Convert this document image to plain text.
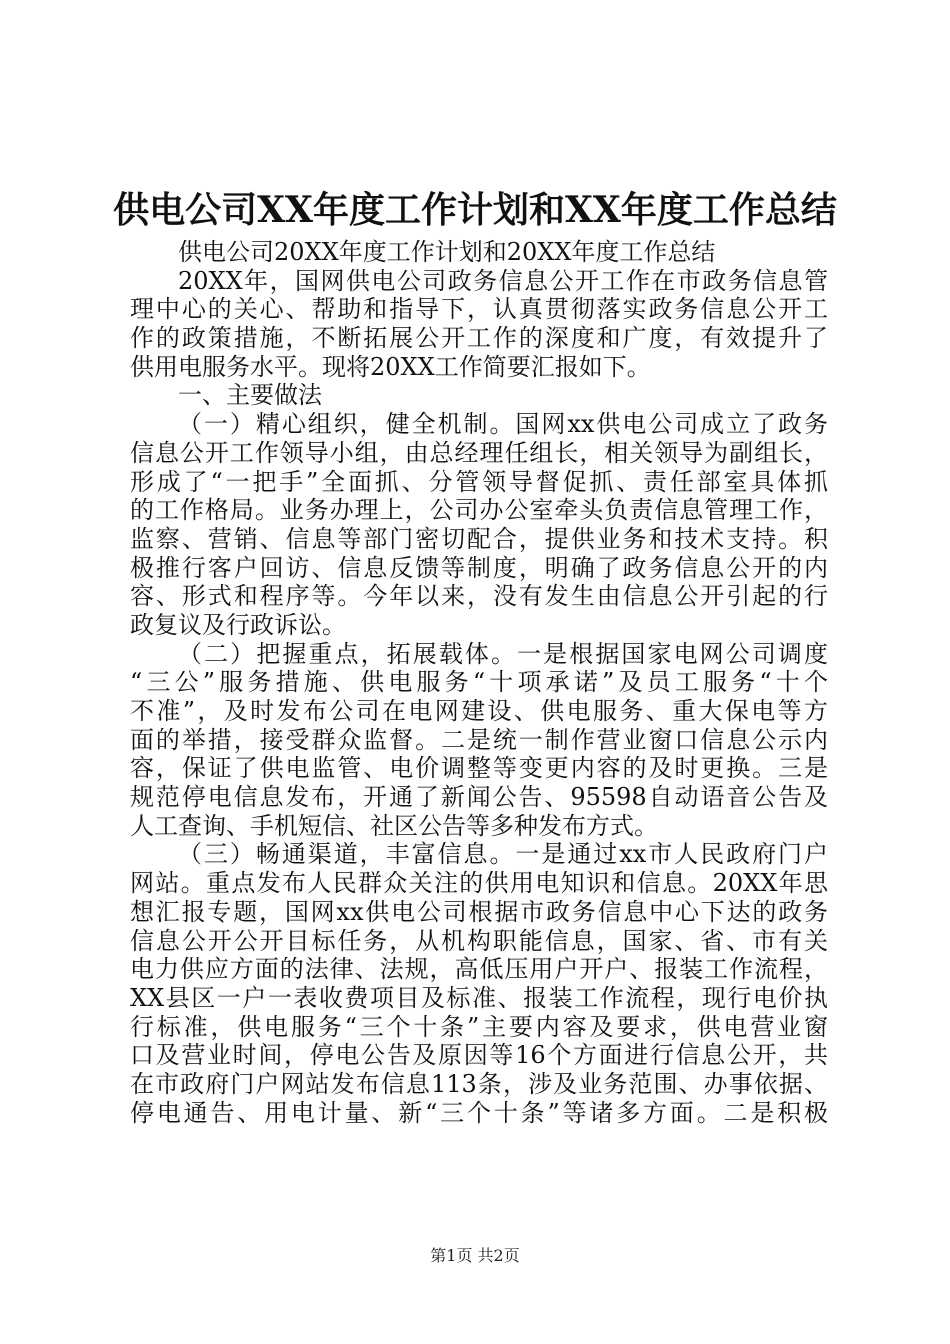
供电公司XX年度工作计划和XX年度工作总结
供电公司20XX年度工作计划和20XX年度工作总结
20XX年，国网供电公司政务信息公开工作在市政务信息管
理中心的关心、帮助和指导下，认真贯彻落实政务信息公开工
作的政策措施，不断拓展公开工作的深度和广度，有效提升了
供用电服务水平。现将20XX工作简要汇报如下。
一、主要做法
（一）精心组织，健全机制。国网xx供电公司成立了政务
信息公开工作领导小组，由总经理任组长，相关领导为副组长，
形成了“一把手”全面抓、分管领导督促抓、责任部室具体抓
的工作格局。业务办理上，公司办公室牵头负责信息管理工作，
监察、营销、信息等部门密切配合，提供业务和技术支持。积
极推行客户回访、信息反馈等制度，明确了政务信息公开的内
容、形式和程序等。今年以来，没有发生由信息公开引起的行
政复议及行政诉讼。
（二）把握重点，拓展载体。一是根据国家电网公司调度
“三公”服务措施、供电服务“十项承诺”及员工服务“十个
不准”，及时发布公司在电网建设、供电服务、重大保电等方
面的举措，接受群众监督。二是统一制作营业窗口信息公示内
容，保证了供电监管、电价调整等变更内容的及时更换。三是
规范停电信息发布，开通了新闻公告、95598自动语音公告及
人工查询、手机短信、社区公告等多种发布方式。
（三）畅通渠道，丰富信息。一是通过xx市人民政府门户
网站。重点发布人民群众关注的供用电知识和信息。20XX年思
想汇报专题，国网xx供电公司根据市政务信息中心下达的政务
信息公开公开目标任务，从机构职能信息，国家、省、市有关
电力供应方面的法律、法规，高低压用户开户、报装工作流程，
XX县区一户一表收费项目及标准、报装工作流程，现行电价执
行标准，供电服务“三个十条”主要内容及要求，供电营业窗
口及营业时间，停电公告及原因等16个方面进行信息公开，共
在市政府门户网站发布信息113条，涉及业务范围、办事依据、
停电通告、用电计量、新“三个十条”等诸多方面。二是积极
第1页 共2页
